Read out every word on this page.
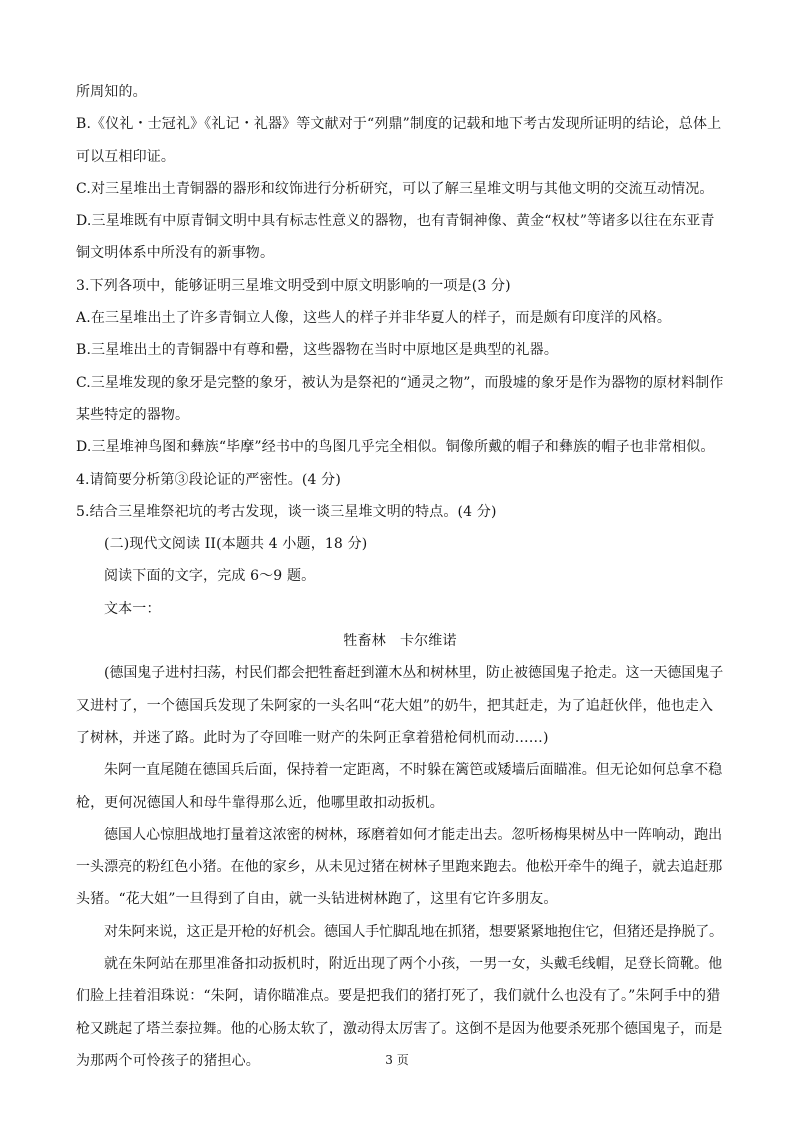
所周知的。
B.《仪礼・士冠礼》《礼记・礼器》等文献对于“列鼎”制度的记载和地下考古发现所证明的结论，总体上
可以互相印证。
C.对三星堆出土青铜器的器形和纹饰进行分析研究，可以了解三星堆文明与其他文明的交流互动情况。
D.三星堆既有中原青铜文明中具有标志性意义的器物，也有青铜神像、黄金“权杖”等诸多以往在东亚青
铜文明体系中所没有的新事物。
3.下列各项中，能够证明三星堆文明受到中原文明影响的一项是(3 分)
A.在三星堆出土了许多青铜立人像，这些人的样子并非华夏人的样子，而是颇有印度洋的风格。
B.三星堆出土的青铜器中有尊和罍，这些器物在当时中原地区是典型的礼器。
C.三星堆发现的象牙是完整的象牙，被认为是祭祀的“通灵之物”，而殷墟的象牙是作为器物的原材料制作
某些特定的器物。
D.三星堆神鸟图和彝族“毕摩”经书中的鸟图几乎完全相似。铜像所戴的帽子和彝族的帽子也非常相似。
4.请简要分析第③段论证的严密性。(4 分)
5.结合三星堆祭祀坑的考古发现，谈一谈三星堆文明的特点。(4 分)
(二)现代文阅读 II(本题共 4 小题，18 分)
阅读下面的文字，完成 6～9 题。
文本一：
牲畜林　卡尔维诺
(德国鬼子进村扫荡，村民们都会把牲畜赶到灌木丛和树林里，防止被德国鬼子抢走。这一天德国鬼子
又进村了，一个德国兵发现了朱阿家的一头名叫“花大姐”的奶牛，把其赶走，为了追赶伙伴，他也走入
了树林，并迷了路。此时为了夺回唯一财产的朱阿正拿着猎枪伺机而动……)
朱阿一直尾随在德国兵后面，保持着一定距离，不时躲在篱笆或矮墙后面瞄准。但无论如何总拿不稳
枪，更何况德国人和母牛靠得那么近，他哪里敢扣动扳机。
德国人心惊胆战地打量着这浓密的树林，琢磨着如何才能走出去。忽听杨梅果树丛中一阵响动，跑出
一头漂亮的粉红色小猪。在他的家乡，从未见过猪在树林子里跑来跑去。他松开牵牛的绳子，就去追赶那
头猪。“花大姐”一旦得到了自由，就一头钻进树林跑了，这里有它许多朋友。
对朱阿来说，这正是开枪的好机会。德国人手忙脚乱地在抓猪，想要紧紧地抱住它，但猪还是挣脱了。
就在朱阿站在那里准备扣动扳机时，附近出现了两个小孩，一男一女，头戴毛线帽，足登长筒靴。他
们脸上挂着泪珠说：“朱阿，请你瞄准点。要是把我们的猪打死了，我们就什么也没有了。”朱阿手中的猎
枪又跳起了塔兰泰拉舞。他的心肠太软了，激动得太厉害了。这倒不是因为他要杀死那个德国鬼子，而是
为那两个可怜孩子的猪担心。	3 页
